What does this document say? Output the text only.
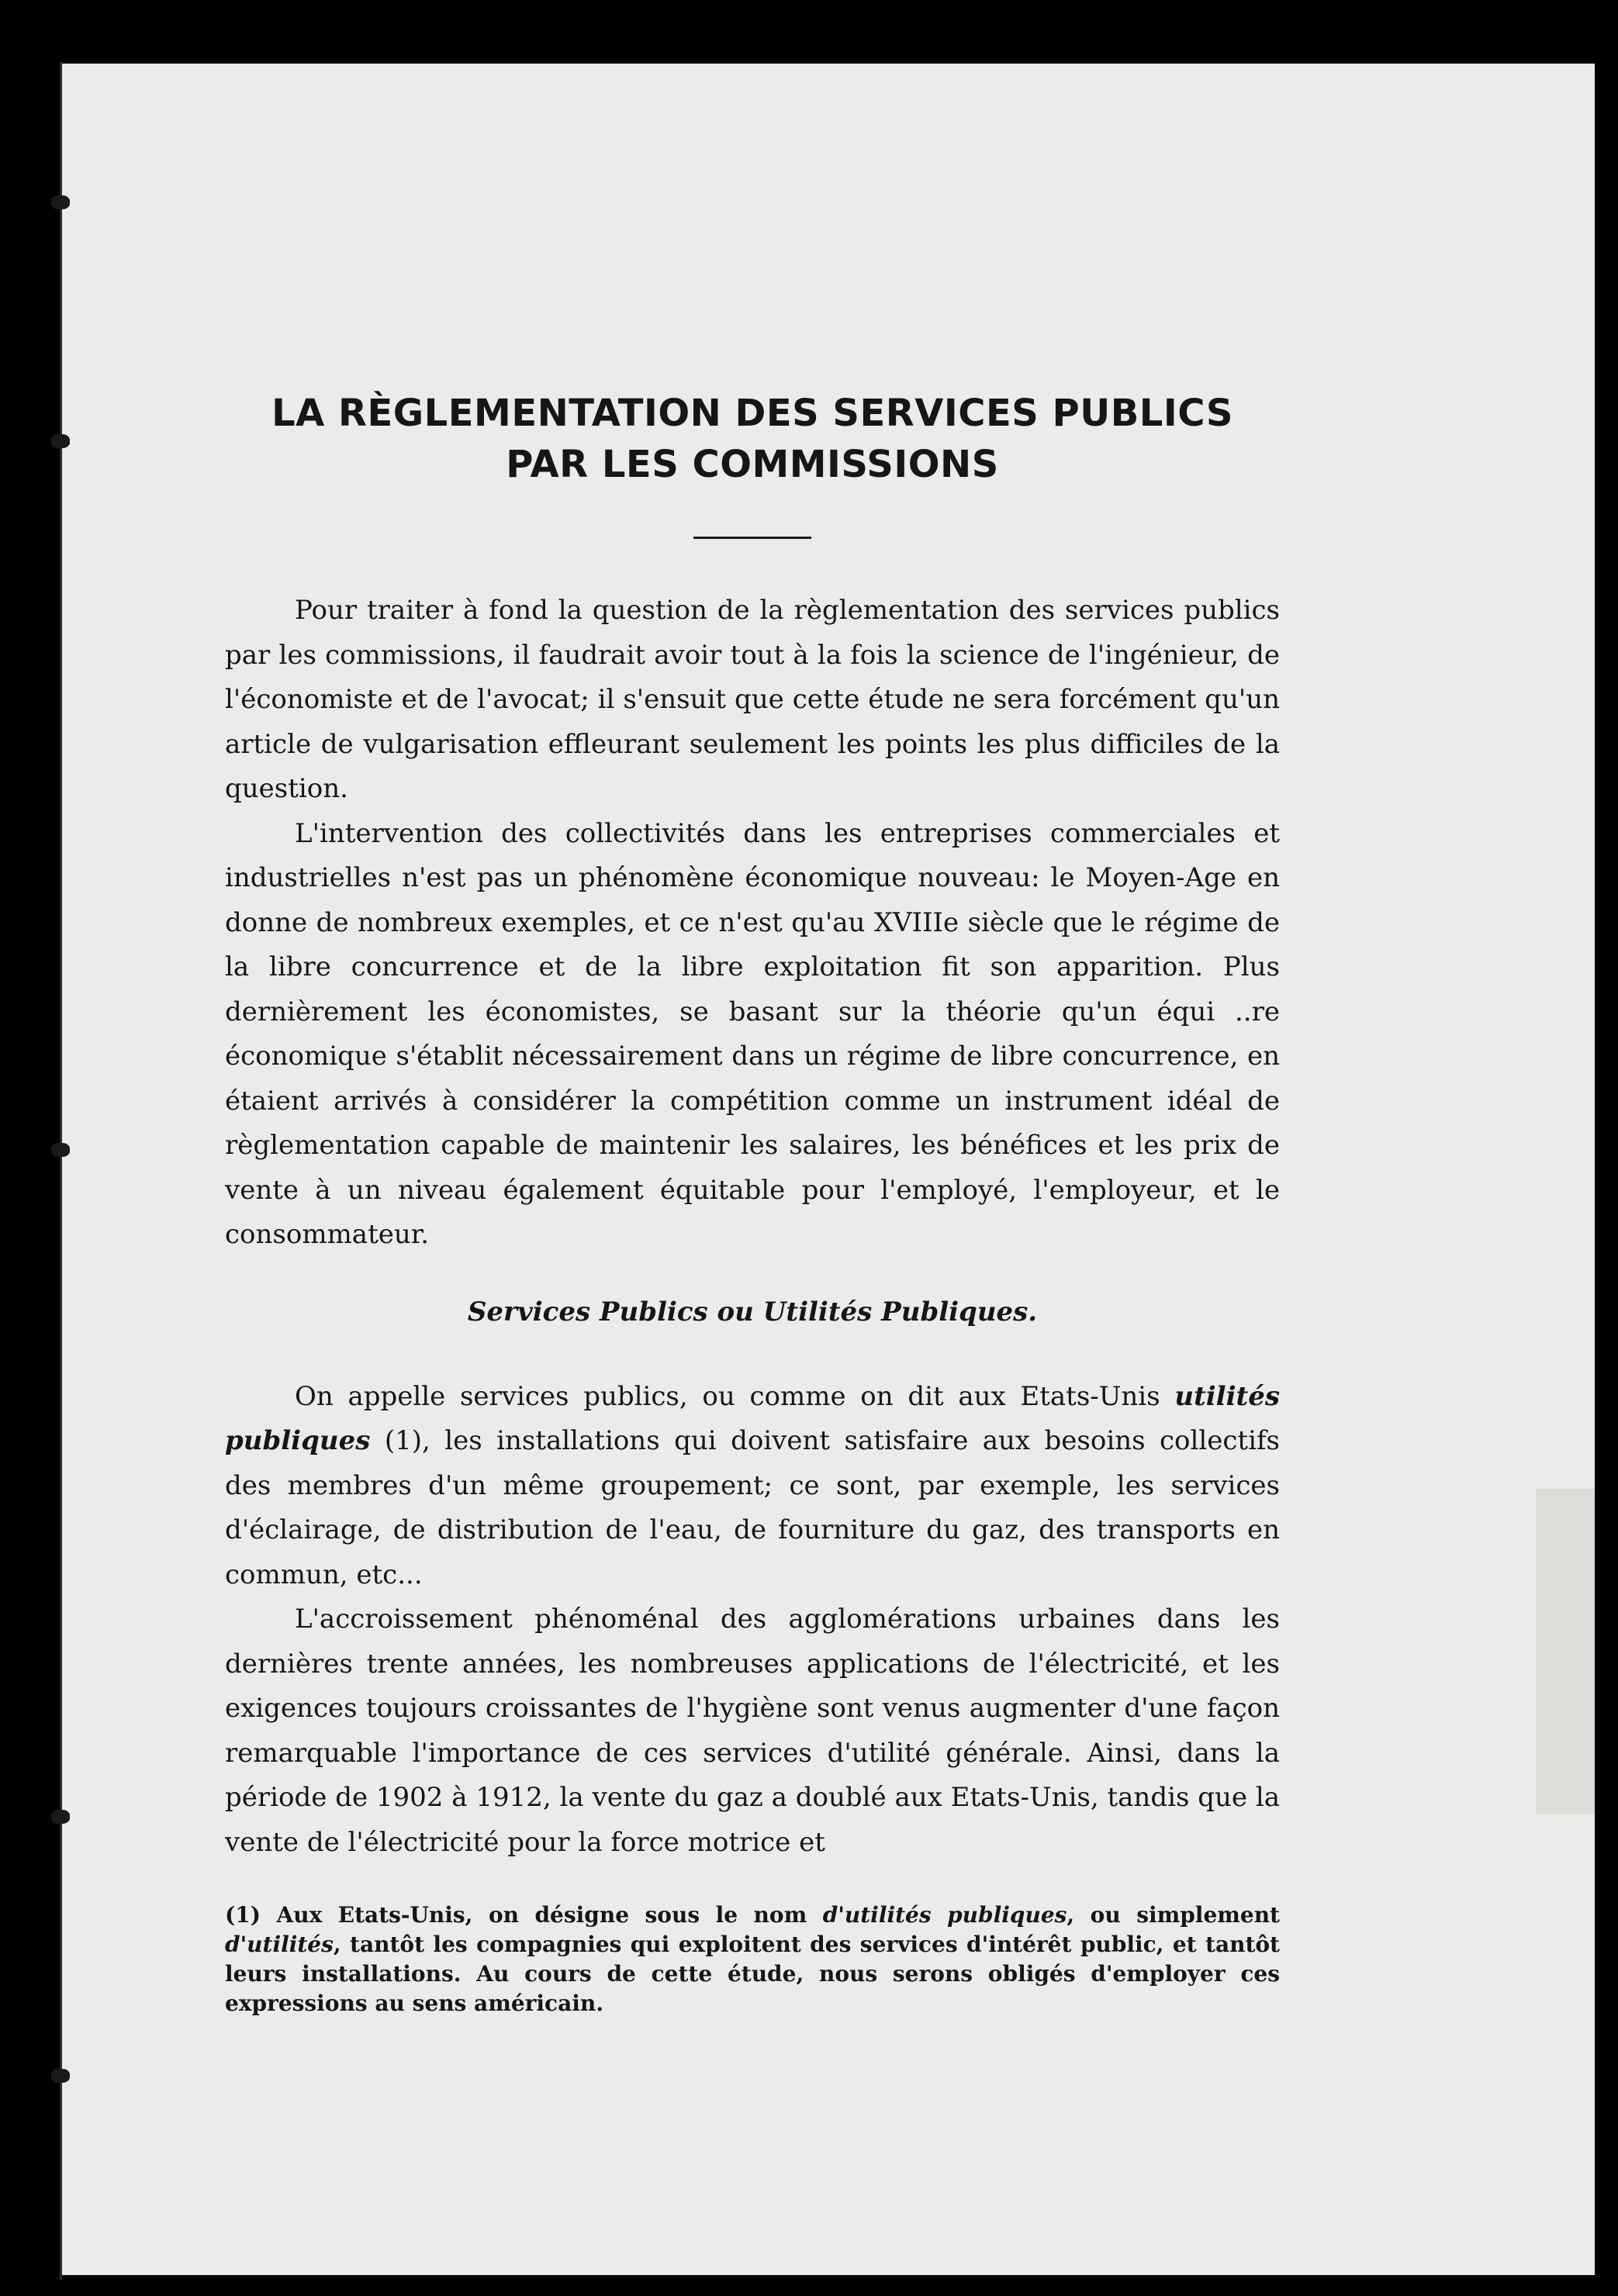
LA RÈGLEMENTATION DES SERVICES PUBLICS
PAR LES COMMISSIONS

Pour traiter à fond la question de la règlementation des services publics par les commissions, il faudrait avoir tout à la fois la science de l'ingénieur, de l'économiste et de l'avocat; il s'ensuit que cette étude ne sera forcément qu'un article de vulgarisation effleurant seulement les points les plus difficiles de la question.

L'intervention des collectivités dans les entreprises commerciales et industrielles n'est pas un phénomène économique nouveau: le Moyen-Age en donne de nombreux exemples, et ce n'est qu'au XVIIIe siècle que le régime de la libre concurrence et de la libre exploitation fit son apparition. Plus dernièrement les économistes, se basant sur la théorie qu'un équi ..re économique s'établit nécessairement dans un régime de libre concurrence, en étaient arrivés à considérer la compétition comme un instrument idéal de règlementation capable de maintenir les salaires, les bénéfices et les prix de vente à un niveau également équitable pour l'employé, l'employeur, et le consommateur.

Services Publics ou Utilités Publiques.

On appelle services publics, ou comme on dit aux Etats-Unis utilités publiques (1), les installations qui doivent satisfaire aux besoins collectifs des membres d'un même groupement; ce sont, par exemple, les services d'éclairage, de distribution de l'eau, de fourniture du gaz, des transports en commun, etc...

L'accroissement phénoménal des agglomérations urbaines dans les dernières trente années, les nombreuses applications de l'électricité, et les exigences toujours croissantes de l'hygiène sont venus augmenter d'une façon remarquable l'importance de ces services d'utilité générale. Ainsi, dans la période de 1902 à 1912, la vente du gaz a doublé aux Etats-Unis, tandis que la vente de l'électricité pour la force motrice et

(1) Aux Etats-Unis, on désigne sous le nom d'utilités publiques, ou simplement d'utilités, tantôt les compagnies qui exploitent des services d'intérêt public, et tantôt leurs installations. Au cours de cette étude, nous serons obligés d'employer ces expressions au sens américain.
